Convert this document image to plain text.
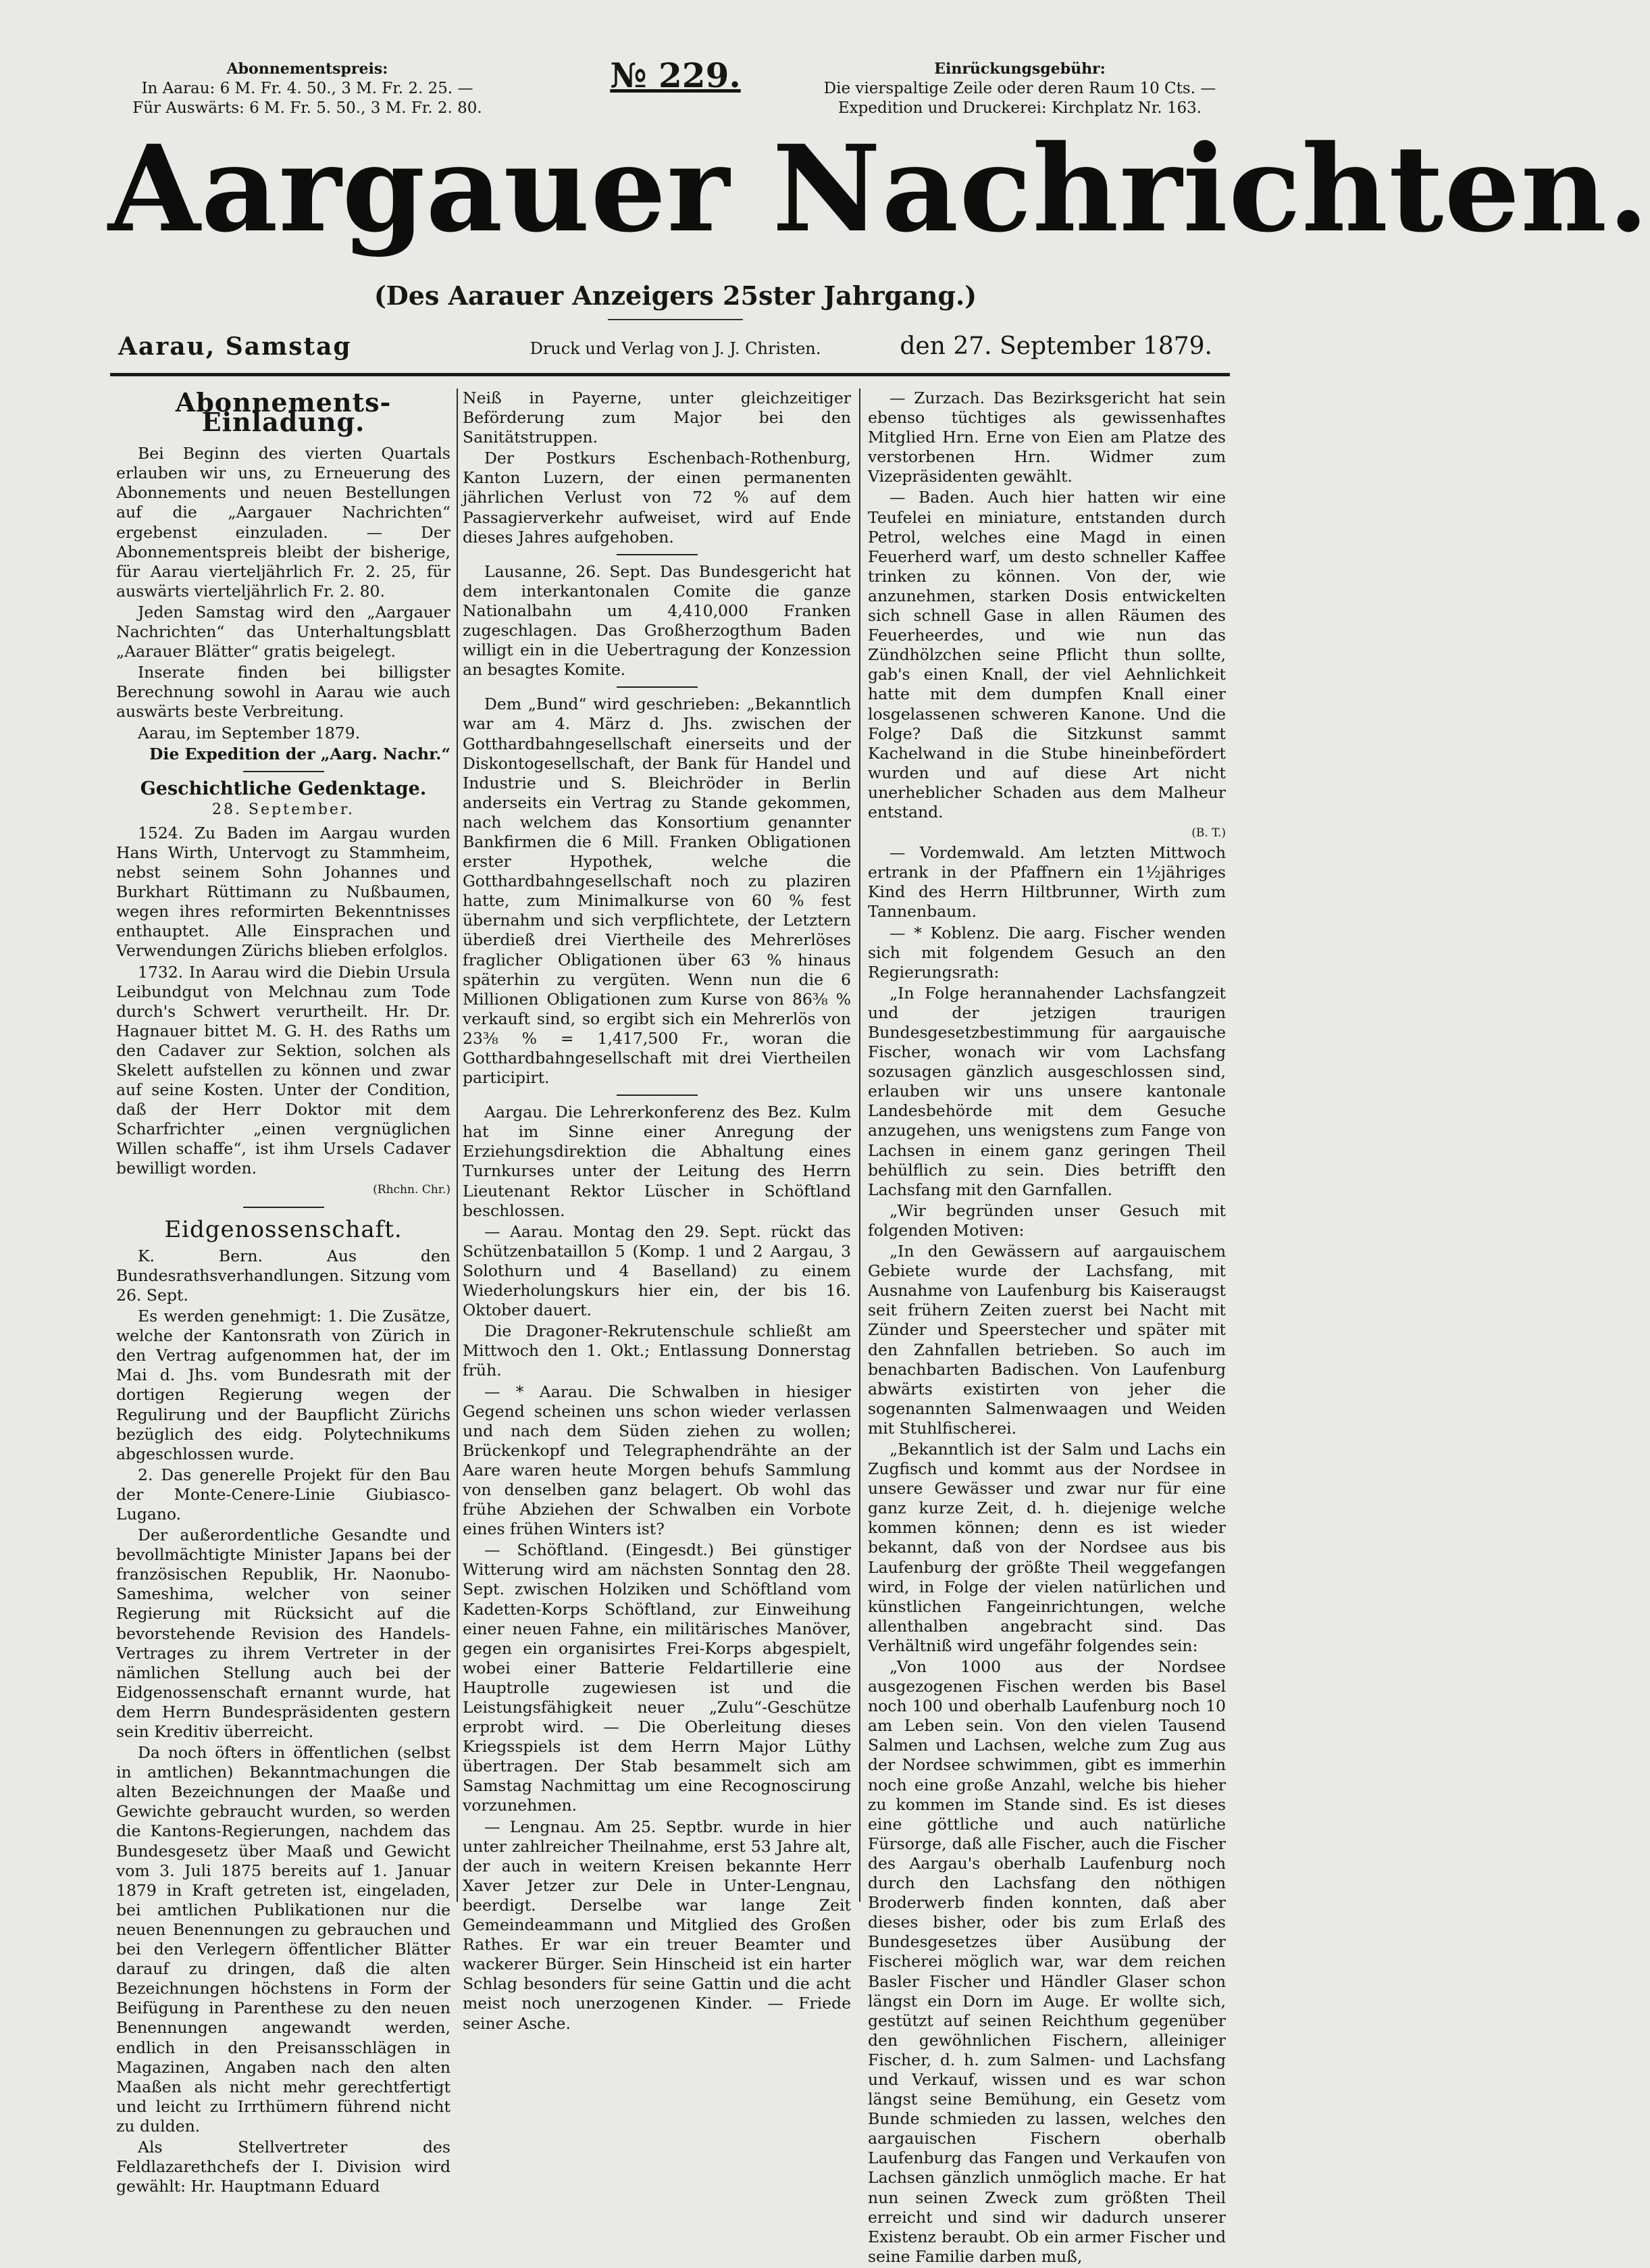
Abonnementspreis:
In Aarau: 6 M. Fr. 4. 50., 3 M. Fr. 2. 25. —
Für Auswärts: 6 M. Fr. 5. 50., 3 M. Fr. 2. 80.
№ 229.	Einrückungsgebühr:
Die vierspaltige Zeile oder deren Raum 10 Cts. —
Expedition und Druckerei: Kirchplatz Nr. 163.
Aargauer Nachrichten.
(Des Aarauer Anzeigers 25ster Jahrgang.)
Aarau, Samstag	Druck und Verlag von J. J. Christen.	den 27. September 1879.
Abonnements-Einladung.

Bei Beginn des vierten Quartals erlauben wir uns, zu Erneuerung des Abonnements und neuen Bestellungen auf die „Aargauer Nachrichten“ ergebenst einzuladen. — Der Abonnementspreis bleibt der bisherige, für Aarau vierteljährlich Fr. 2. 25, für auswärts vierteljährlich Fr. 2. 80.

Jeden Samstag wird den „Aargauer Nachrichten“ das Unterhaltungsblatt „Aarauer Blätter“ gratis beigelegt.

Inserate finden bei billigster Berechnung sowohl in Aarau wie auch auswärts beste Verbreitung.

Aarau, im September 1879.

Die Expedition der „Aarg. Nachr.“

Geschichtliche Gedenktage.
28. September.

1524. Zu Baden im Aargau wurden Hans Wirth, Untervogt zu Stammheim, nebst seinem Sohn Johannes und Burkhart Rüttimann zu Nußbaumen, wegen ihres reformirten Bekenntnisses enthauptet. Alle Einsprachen und Verwendungen Zürichs blieben erfolglos.

1732. In Aarau wird die Diebin Ursula Leibundgut von Melchnau zum Tode durch's Schwert verurtheilt. Hr. Dr. Hagnauer bittet M. G. H. des Raths um den Cadaver zur Sektion, solchen als Skelett aufstellen zu können und zwar auf seine Kosten. Unter der Condition, daß der Herr Doktor mit dem Scharfrichter „einen vergnüglichen Willen schaffe“, ist ihm Ursels Cadaver bewilligt worden.

(Rhchn. Chr.)
Eidgenossenschaft.

K. Bern. Aus den Bundesrathsverhandlungen. Sitzung vom 26. Sept.

Es werden genehmigt: 1. Die Zusätze, welche der Kantonsrath von Zürich in den Vertrag aufgenommen hat, der im Mai d. Jhs. vom Bundesrath mit der dortigen Regierung wegen der Regulirung und der Baupflicht Zürichs bezüglich des eidg. Polytechnikums abgeschlossen wurde.

2. Das generelle Projekt für den Bau der Monte-Cenere-Linie Giubiasco-Lugano.

Der außerordentliche Gesandte und bevollmächtigte Minister Japans bei der französischen Republik, Hr. Naonubo-Sameshima, welcher von seiner Regierung mit Rücksicht auf die bevorstehende Revision des Handels-Vertrages zu ihrem Vertreter in der nämlichen Stellung auch bei der Eidgenossenschaft ernannt wurde, hat dem Herrn Bundespräsidenten gestern sein Kreditiv überreicht.

Da noch öfters in öffentlichen (selbst in amtlichen) Bekanntmachungen die alten Bezeichnungen der Maaße und Gewichte gebraucht wurden, so werden die Kantons-Regierungen, nachdem das Bundesgesetz über Maaß und Gewicht vom 3. Juli 1875 bereits auf 1. Januar 1879 in Kraft getreten ist, eingeladen, bei amtlichen Publikationen nur die neuen Benennungen zu gebrauchen und bei den Verlegern öffentlicher Blätter darauf zu dringen, daß die alten Bezeichnungen höchstens in Form der Beifügung in Parenthese zu den neuen Benennungen angewandt werden, endlich in den Preisansschlägen in Magazinen, Angaben nach den alten Maaßen als nicht mehr gerechtfertigt und leicht zu Irrthümern führend nicht zu dulden.

Als Stellvertreter des Feldlazarethchefs der I. Division wird gewählt: Hr. Hauptmann Eduard

Neiß in Payerne, unter gleichzeitiger Beförderung zum Major bei den Sanitätstruppen.

Der Postkurs Eschenbach-Rothenburg, Kanton Luzern, der einen permanenten jährlichen Verlust von 72 % auf dem Passagierverkehr aufweiset, wird auf Ende dieses Jahres aufgehoben.

Lausanne, 26. Sept. Das Bundesgericht hat dem interkantonalen Comite die ganze Nationalbahn um 4,410,000 Franken zugeschlagen. Das Großherzogthum Baden willigt ein in die Uebertragung der Konzession an besagtes Komite.

Dem „Bund“ wird geschrieben: „Bekanntlich war am 4. März d. Jhs. zwischen der Gotthardbahngesellschaft einerseits und der Diskontogesellschaft, der Bank für Handel und Industrie und S. Bleichröder in Berlin anderseits ein Vertrag zu Stande gekommen, nach welchem das Konsortium genannter Bankfirmen die 6 Mill. Franken Obligationen erster Hypothek, welche die Gotthardbahngesellschaft noch zu plaziren hatte, zum Minimalkurse von 60 % fest übernahm und sich verpflichtete, der Letztern überdieß drei Viertheile des Mehrerlöses fraglicher Obligationen über 63 % hinaus späterhin zu vergüten. Wenn nun die 6 Millionen Obligationen zum Kurse von 86⅜ % verkauft sind, so ergibt sich ein Mehrerlös von 23⅜ % = 1,417,500 Fr., woran die Gotthardbahngesellschaft mit drei Viertheilen participirt.

Aargau. Die Lehrerkonferenz des Bez. Kulm hat im Sinne einer Anregung der Erziehungsdirektion die Abhaltung eines Turnkurses unter der Leitung des Herrn Lieutenant Rektor Lüscher in Schöftland beschlossen.

— Aarau. Montag den 29. Sept. rückt das Schützenbataillon 5 (Komp. 1 und 2 Aargau, 3 Solothurn und 4 Baselland) zu einem Wiederholungskurs hier ein, der bis 16. Oktober dauert.

Die Dragoner-Rekrutenschule schließt am Mittwoch den 1. Okt.; Entlassung Donnerstag früh.

— * Aarau. Die Schwalben in hiesiger Gegend scheinen uns schon wieder verlassen und nach dem Süden ziehen zu wollen; Brückenkopf und Telegraphendrähte an der Aare waren heute Morgen behufs Sammlung von denselben ganz belagert. Ob wohl das frühe Abziehen der Schwalben ein Vorbote eines frühen Winters ist?

— Schöftland. (Eingesdt.) Bei günstiger Witterung wird am nächsten Sonntag den 28. Sept. zwischen Holziken und Schöftland vom Kadetten-Korps Schöftland, zur Einweihung einer neuen Fahne, ein militärisches Manöver, gegen ein organisirtes Frei-Korps abgespielt, wobei einer Batterie Feldartillerie eine Hauptrolle zugewiesen ist und die Leistungsfähigkeit neuer „Zulu“-Geschütze erprobt wird. — Die Oberleitung dieses Kriegsspiels ist dem Herrn Major Lüthy übertragen. Der Stab besammelt sich am Samstag Nachmittag um eine Recognoscirung vorzunehmen.

— Lengnau. Am 25. Septbr. wurde in hier unter zahlreicher Theilnahme, erst 53 Jahre alt, der auch in weitern Kreisen bekannte Herr Xaver Jetzer zur Dele in Unter-Lengnau, beerdigt. Derselbe war lange Zeit Gemeindeammann und Mitglied des Großen Rathes. Er war ein treuer Beamter und wackerer Bürger. Sein Hinscheid ist ein harter Schlag besonders für seine Gattin und die acht meist noch unerzogenen Kinder. — Friede seiner Asche.

— Zurzach. Das Bezirksgericht hat sein ebenso tüchtiges als gewissenhaftes Mitglied Hrn. Erne von Eien am Platze des verstorbenen Hrn. Widmer zum Vizepräsidenten gewählt.

— Baden. Auch hier hatten wir eine Teufelei en miniature, entstanden durch Petrol, welches eine Magd in einen Feuerherd warf, um desto schneller Kaffee trinken zu können. Von der, wie anzunehmen, starken Dosis entwickelten sich schnell Gase in allen Räumen des Feuerheerdes, und wie nun das Zündhölzchen seine Pflicht thun sollte, gab's einen Knall, der viel Aehnlichkeit hatte mit dem dumpfen Knall einer losgelassenen schweren Kanone. Und die Folge? Daß die Sitzkunst sammt Kachelwand in die Stube hineinbefördert wurden und auf diese Art nicht unerheblicher Schaden aus dem Malheur entstand.

(B. T.)

— Vordemwald. Am letzten Mittwoch ertrank in der Pfaffnern ein 1½jähriges Kind des Herrn Hiltbrunner, Wirth zum Tannenbaum.

— * Koblenz. Die aarg. Fischer wenden sich mit folgendem Gesuch an den Regierungsrath:

„In Folge herannahender Lachsfangzeit und der jetzigen traurigen Bundesgesetzbestimmung für aargauische Fischer, wonach wir vom Lachsfang sozusagen gänzlich ausgeschlossen sind, erlauben wir uns unsere kantonale Landesbehörde mit dem Gesuche anzugehen, uns wenigstens zum Fange von Lachsen in einem ganz geringen Theil behülflich zu sein. Dies betrifft den Lachsfang mit den Garnfallen.

„Wir begründen unser Gesuch mit folgenden Motiven:

„In den Gewässern auf aargauischem Gebiete wurde der Lachsfang, mit Ausnahme von Laufenburg bis Kaiseraugst seit frühern Zeiten zuerst bei Nacht mit Zünder und Speerstecher und später mit den Zahnfallen betrieben. So auch im benachbarten Badischen. Von Laufenburg abwärts existirten von jeher die sogenannten Salmenwaagen und Weiden mit Stuhlfischerei.

„Bekanntlich ist der Salm und Lachs ein Zugfisch und kommt aus der Nordsee in unsere Gewässer und zwar nur für eine ganz kurze Zeit, d. h. diejenige welche kommen können; denn es ist wieder bekannt, daß von der Nordsee aus bis Laufenburg der größte Theil weggefangen wird, in Folge der vielen natürlichen und künstlichen Fangeinrichtungen, welche allenthalben angebracht sind. Das Verhältniß wird ungefähr folgendes sein:

„Von 1000 aus der Nordsee ausgezogenen Fischen werden bis Basel noch 100 und oberhalb Laufenburg noch 10 am Leben sein. Von den vielen Tausend Salmen und Lachsen, welche zum Zug aus der Nordsee schwimmen, gibt es immerhin noch eine große Anzahl, welche bis hieher zu kommen im Stande sind. Es ist dieses eine göttliche und auch natürliche Fürsorge, daß alle Fischer, auch die Fischer des Aargau's oberhalb Laufenburg noch durch den Lachsfang den nöthigen Broderwerb finden konnten, daß aber dieses bisher, oder bis zum Erlaß des Bundesgesetzes über Ausübung der Fischerei möglich war, war dem reichen Basler Fischer und Händler Glaser schon längst ein Dorn im Auge. Er wollte sich, gestützt auf seinen Reichthum gegenüber den gewöhnlichen Fischern, alleiniger Fischer, d. h. zum Salmen- und Lachsfang und Verkauf, wissen und es war schon längst seine Bemühung, ein Gesetz vom Bunde schmieden zu lassen, welches den aargauischen Fischern oberhalb Laufenburg das Fangen und Verkaufen von Lachsen gänzlich unmöglich mache. Er hat nun seinen Zweck zum größten Theil erreicht und sind wir dadurch unserer Existenz beraubt. Ob ein armer Fischer und seine Familie darben muß,
